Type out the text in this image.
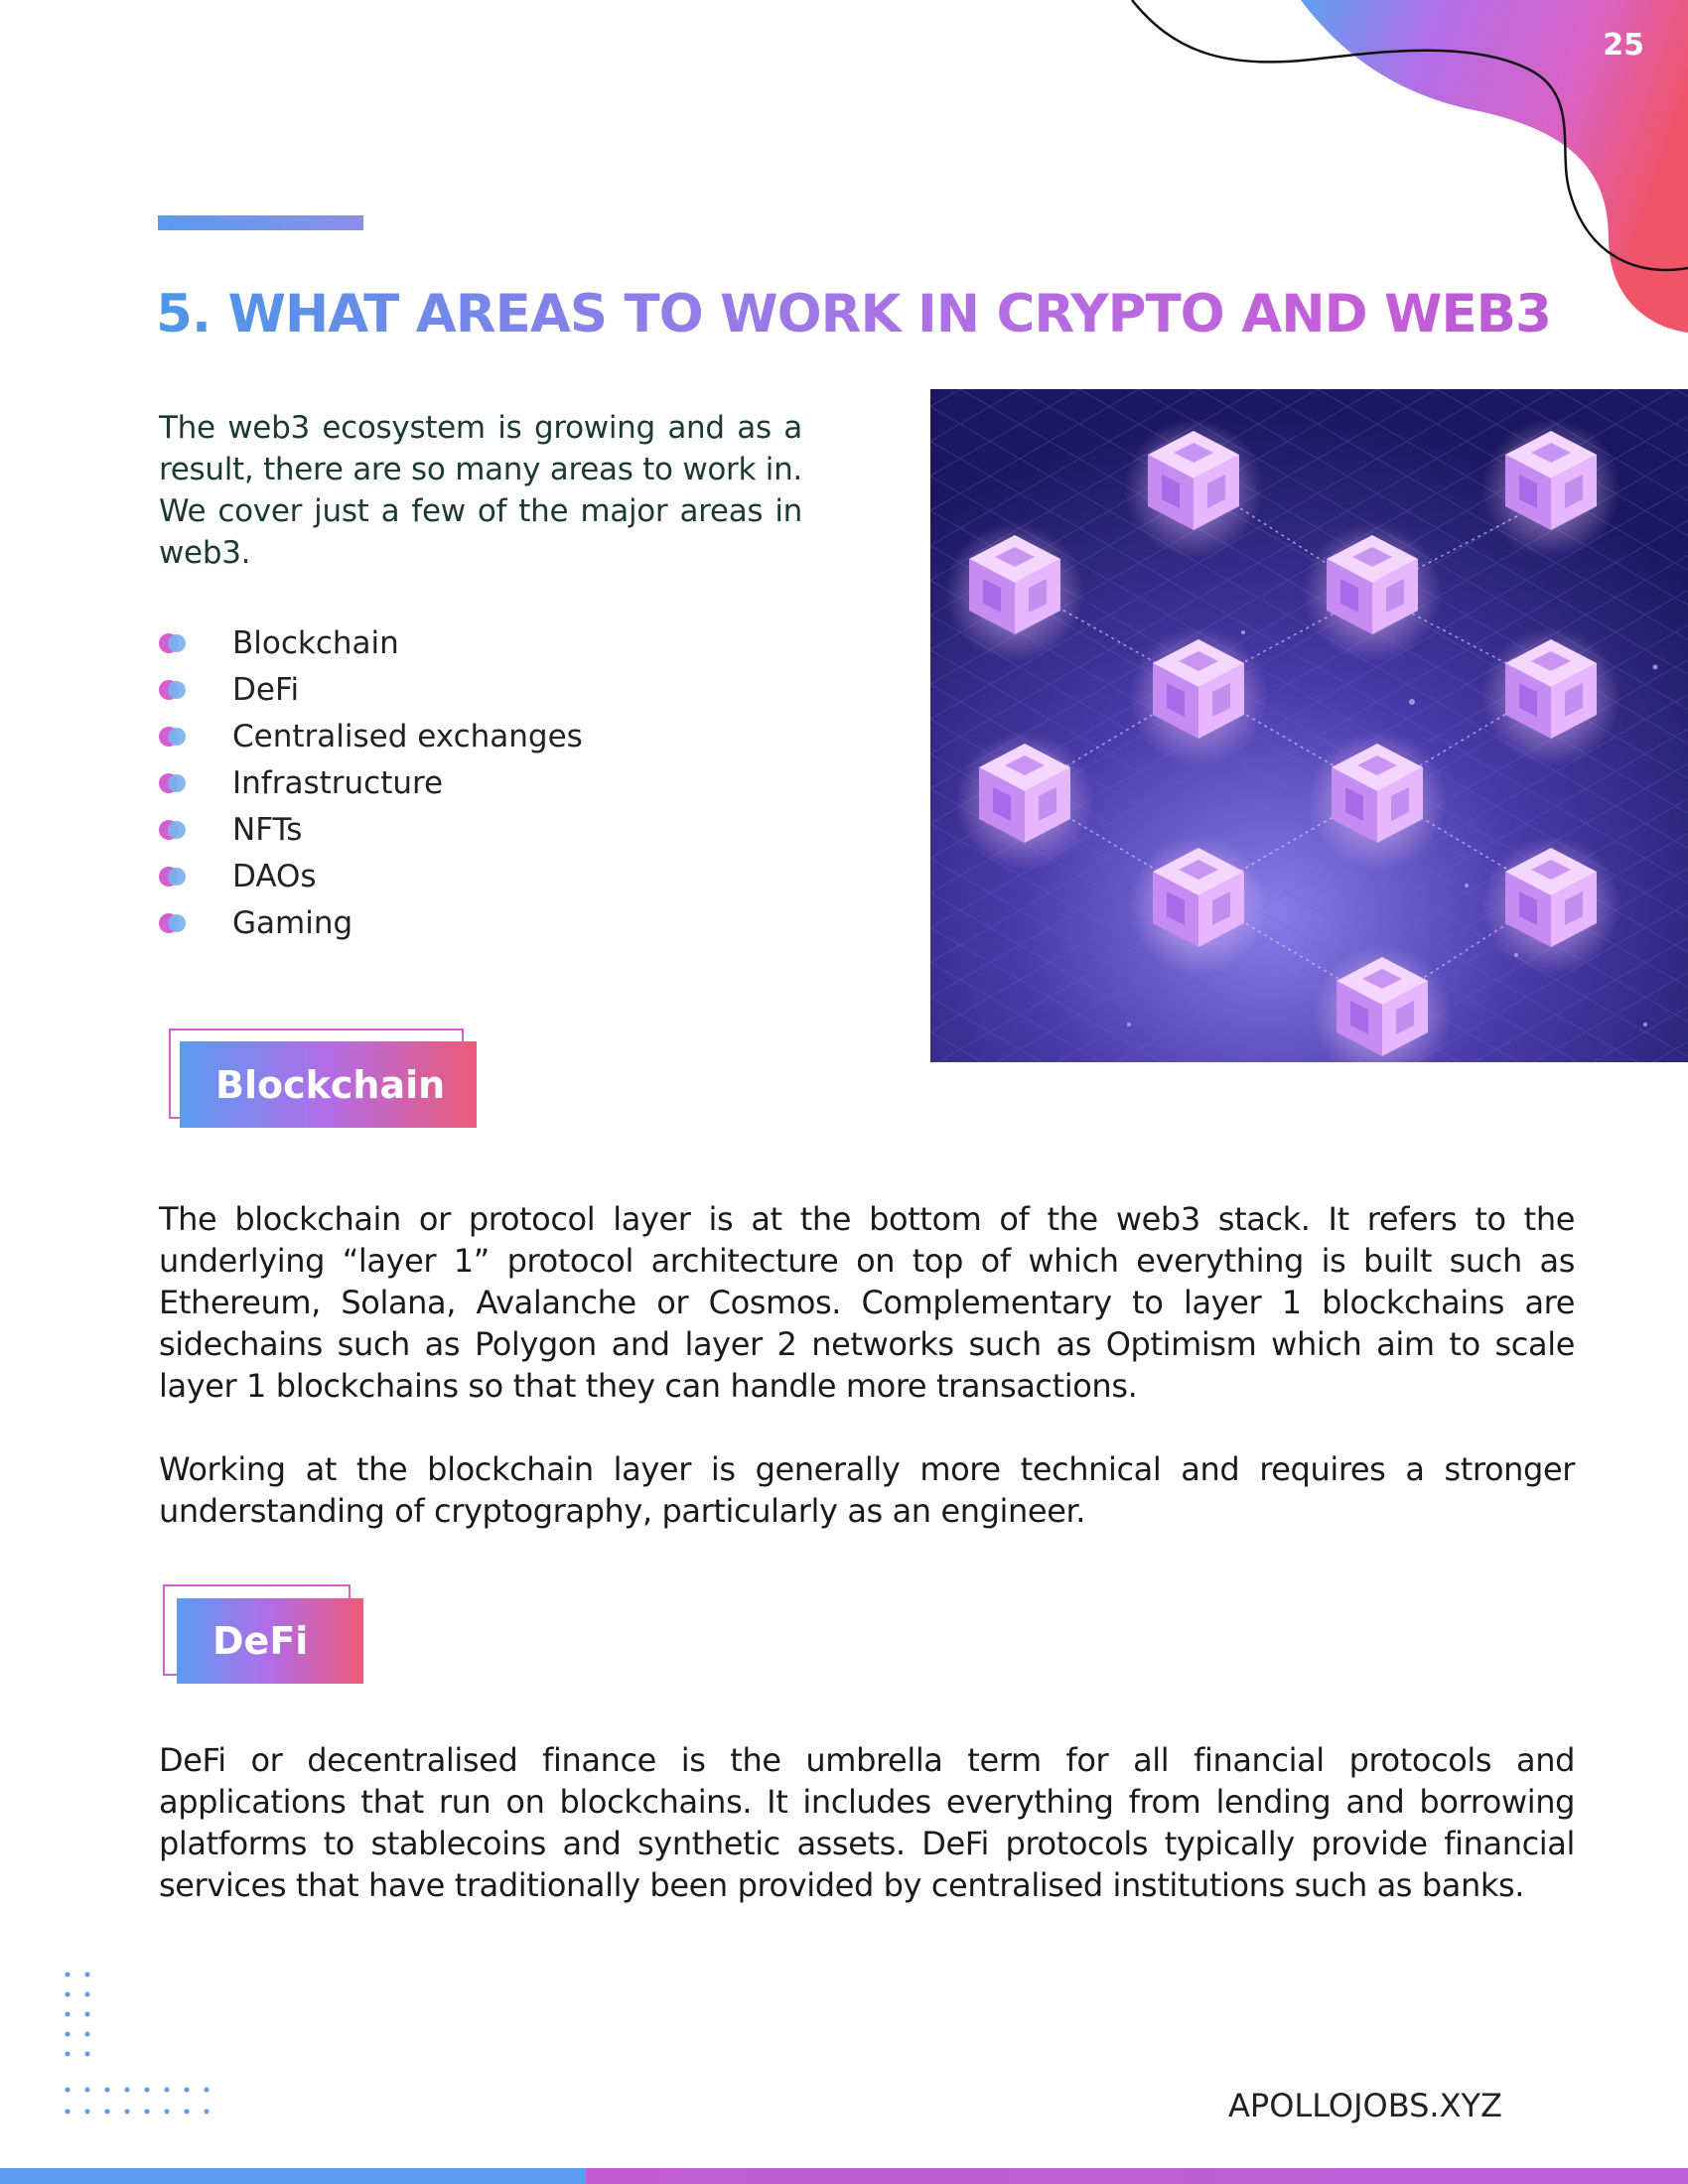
25
5. WHAT AREAS TO WORK IN CRYPTO AND WEB3

The web3 ecosystem is growing and as a result, there are so many areas to work in. We cover just a few of the major areas in web3.

Blockchain
DeFi
Centralised exchanges
Infrastructure
NFTs
DAOs
Gaming
Blockchain

The blockchain or protocol layer is at the bottom of the web3 stack. It refers to the underlying “layer 1” protocol architecture on top of which everything is built such as Ethereum, Solana, Avalanche or Cosmos. Complementary to layer 1 blockchains are sidechains such as Polygon and layer 2 networks such as Optimism which aim to scale layer 1 blockchains so that they can handle more transactions.

Working at the blockchain layer is generally more technical and requires a stronger understanding of cryptography, particularly as an engineer.

DeFi

DeFi or decentralised finance is the umbrella term for all financial protocols and applications that run on blockchains. It includes everything from lending and borrowing platforms to stablecoins and synthetic assets. DeFi protocols typically provide financial services that have traditionally been provided by centralised institutions such as banks.

APOLLOJOBS.XYZ
